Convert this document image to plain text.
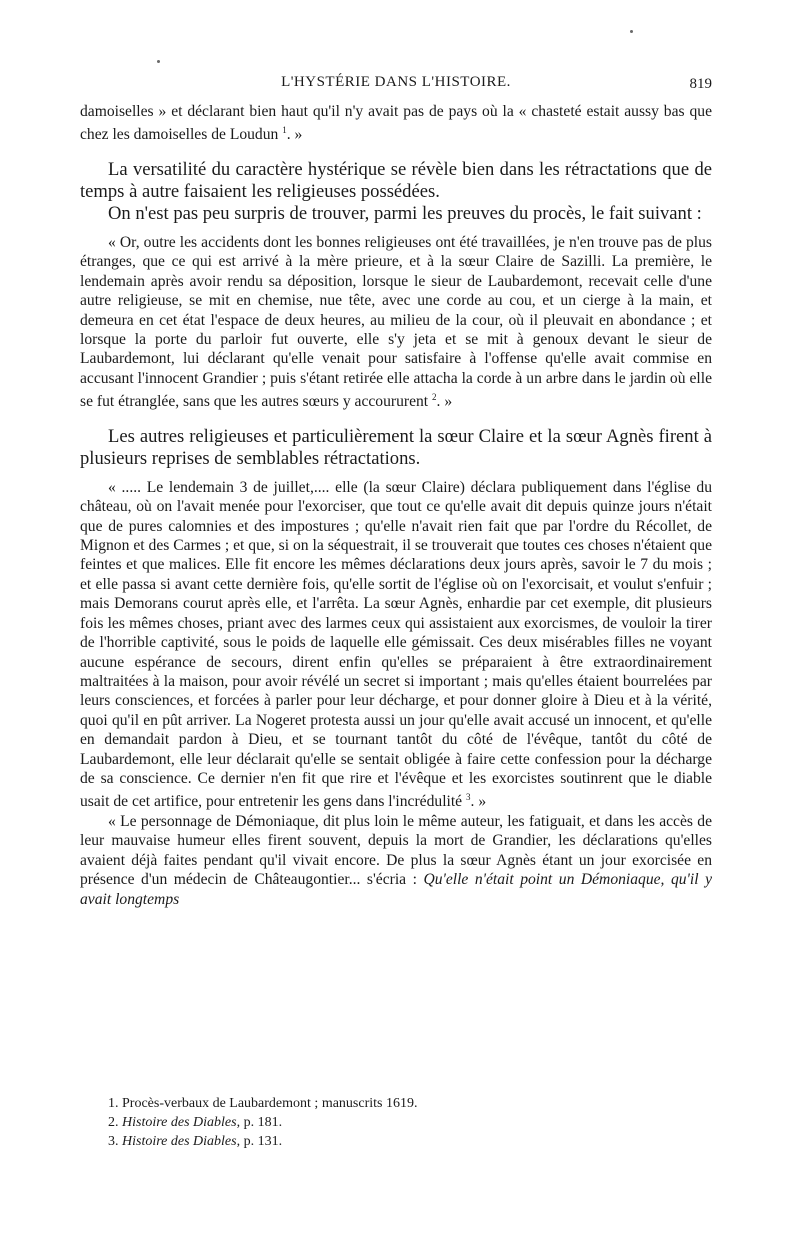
L'HYSTÉRIE DANS L'HISTOIRE.	819

damoiselles » et déclarant bien haut qu'il n'y avait pas de pays où la « chasteté estait aussy bas que chez les damoiselles de Loudun $^1$. »

La versatilité du caractère hystérique se révèle bien dans les rétractations que de temps à autre faisaient les religieuses possédées.

On n'est pas peu surpris de trouver, parmi les preuves du procès, le fait suivant :

« Or, outre les accidents dont les bonnes religieuses ont été travaillées, je n'en trouve pas de plus étranges, que ce qui est arrivé à la mère prieure, et à la sœur Claire de Sazilli. La première, le lendemain après avoir rendu sa déposition, lorsque le sieur de Laubardemont, recevait celle d'une autre religieuse, se mit en chemise, nue tête, avec une corde au cou, et un cierge à la main, et demeura en cet état l'espace de deux heures, au milieu de la cour, où il pleuvait en abondance ; et lorsque la porte du parloir fut ouverte, elle s'y jeta et se mit à genoux devant le sieur de Laubardemont, lui déclarant qu'elle venait pour satisfaire à l'offense qu'elle avait commise en accusant l'innocent Grandier ; puis s'étant retirée elle attacha la corde à un arbre dans le jardin où elle se fut étranglée, sans que les autres sœurs y accoururent $^2$. »

Les autres religieuses et particulièrement la sœur Claire et la sœur Agnès firent à plusieurs reprises de semblables rétractations.

« ..... Le lendemain 3 de juillet,.... elle (la sœur Claire) déclara publiquement dans l'église du château, où on l'avait menée pour l'exorciser, que tout ce qu'elle avait dit depuis quinze jours n'était que de pures calomnies et des impostures ; qu'elle n'avait rien fait que par l'ordre du Récollet, de Mignon et des Carmes ; et que, si on la séquestrait, il se trouverait que toutes ces choses n'étaient que feintes et que malices. Elle fit encore les mêmes déclarations deux jours après, savoir le 7 du mois ; et elle passa si avant cette dernière fois, qu'elle sortit de l'église où on l'exorcisait, et voulut s'enfuir ; mais Demorans courut après elle, et l'arrêta. La sœur Agnès, enhardie par cet exemple, dit plusieurs fois les mêmes choses, priant avec des larmes ceux qui assistaient aux exorcismes, de vouloir la tirer de l'horrible captivité, sous le poids de laquelle elle gémissait. Ces deux misérables filles ne voyant aucune espérance de secours, dirent enfin qu'elles se préparaient à être extraordinairement maltraitées à la maison, pour avoir révélé un secret si important ; mais qu'elles étaient bourrelées par leurs consciences, et forcées à parler pour leur décharge, et pour donner gloire à Dieu et à la vérité, quoi qu'il en pût arriver. La Nogeret protesta aussi un jour qu'elle avait accusé un innocent, et qu'elle en demandait pardon à Dieu, et se tournant tantôt du côté de l'évêque, tantôt du côté de Laubardemont, elle leur déclarait qu'elle se sentait obligée à faire cette confession pour la décharge de sa conscience. Ce dernier n'en fit que rire et l'évêque et les exorcistes soutinrent que le diable usait de cet artifice, pour entretenir les gens dans l'incrédulité $^3$. »

« Le personnage de Démoniaque, dit plus loin le même auteur, les fatiguait, et dans les accès de leur mauvaise humeur elles firent souvent, depuis la mort de Grandier, les déclarations qu'elles avaient déjà faites pendant qu'il vivait encore. De plus la sœur Agnès étant un jour exorcisée en présence d'un médecin de Châteaugontier... s'écria : Qu'elle n'était point un Démoniaque, qu'il y avait longtemps

1. Procès-verbaux de Laubardemont ; manuscrits 1619.

2. Histoire des Diables, p. 181.

3. Histoire des Diables, p. 131.
